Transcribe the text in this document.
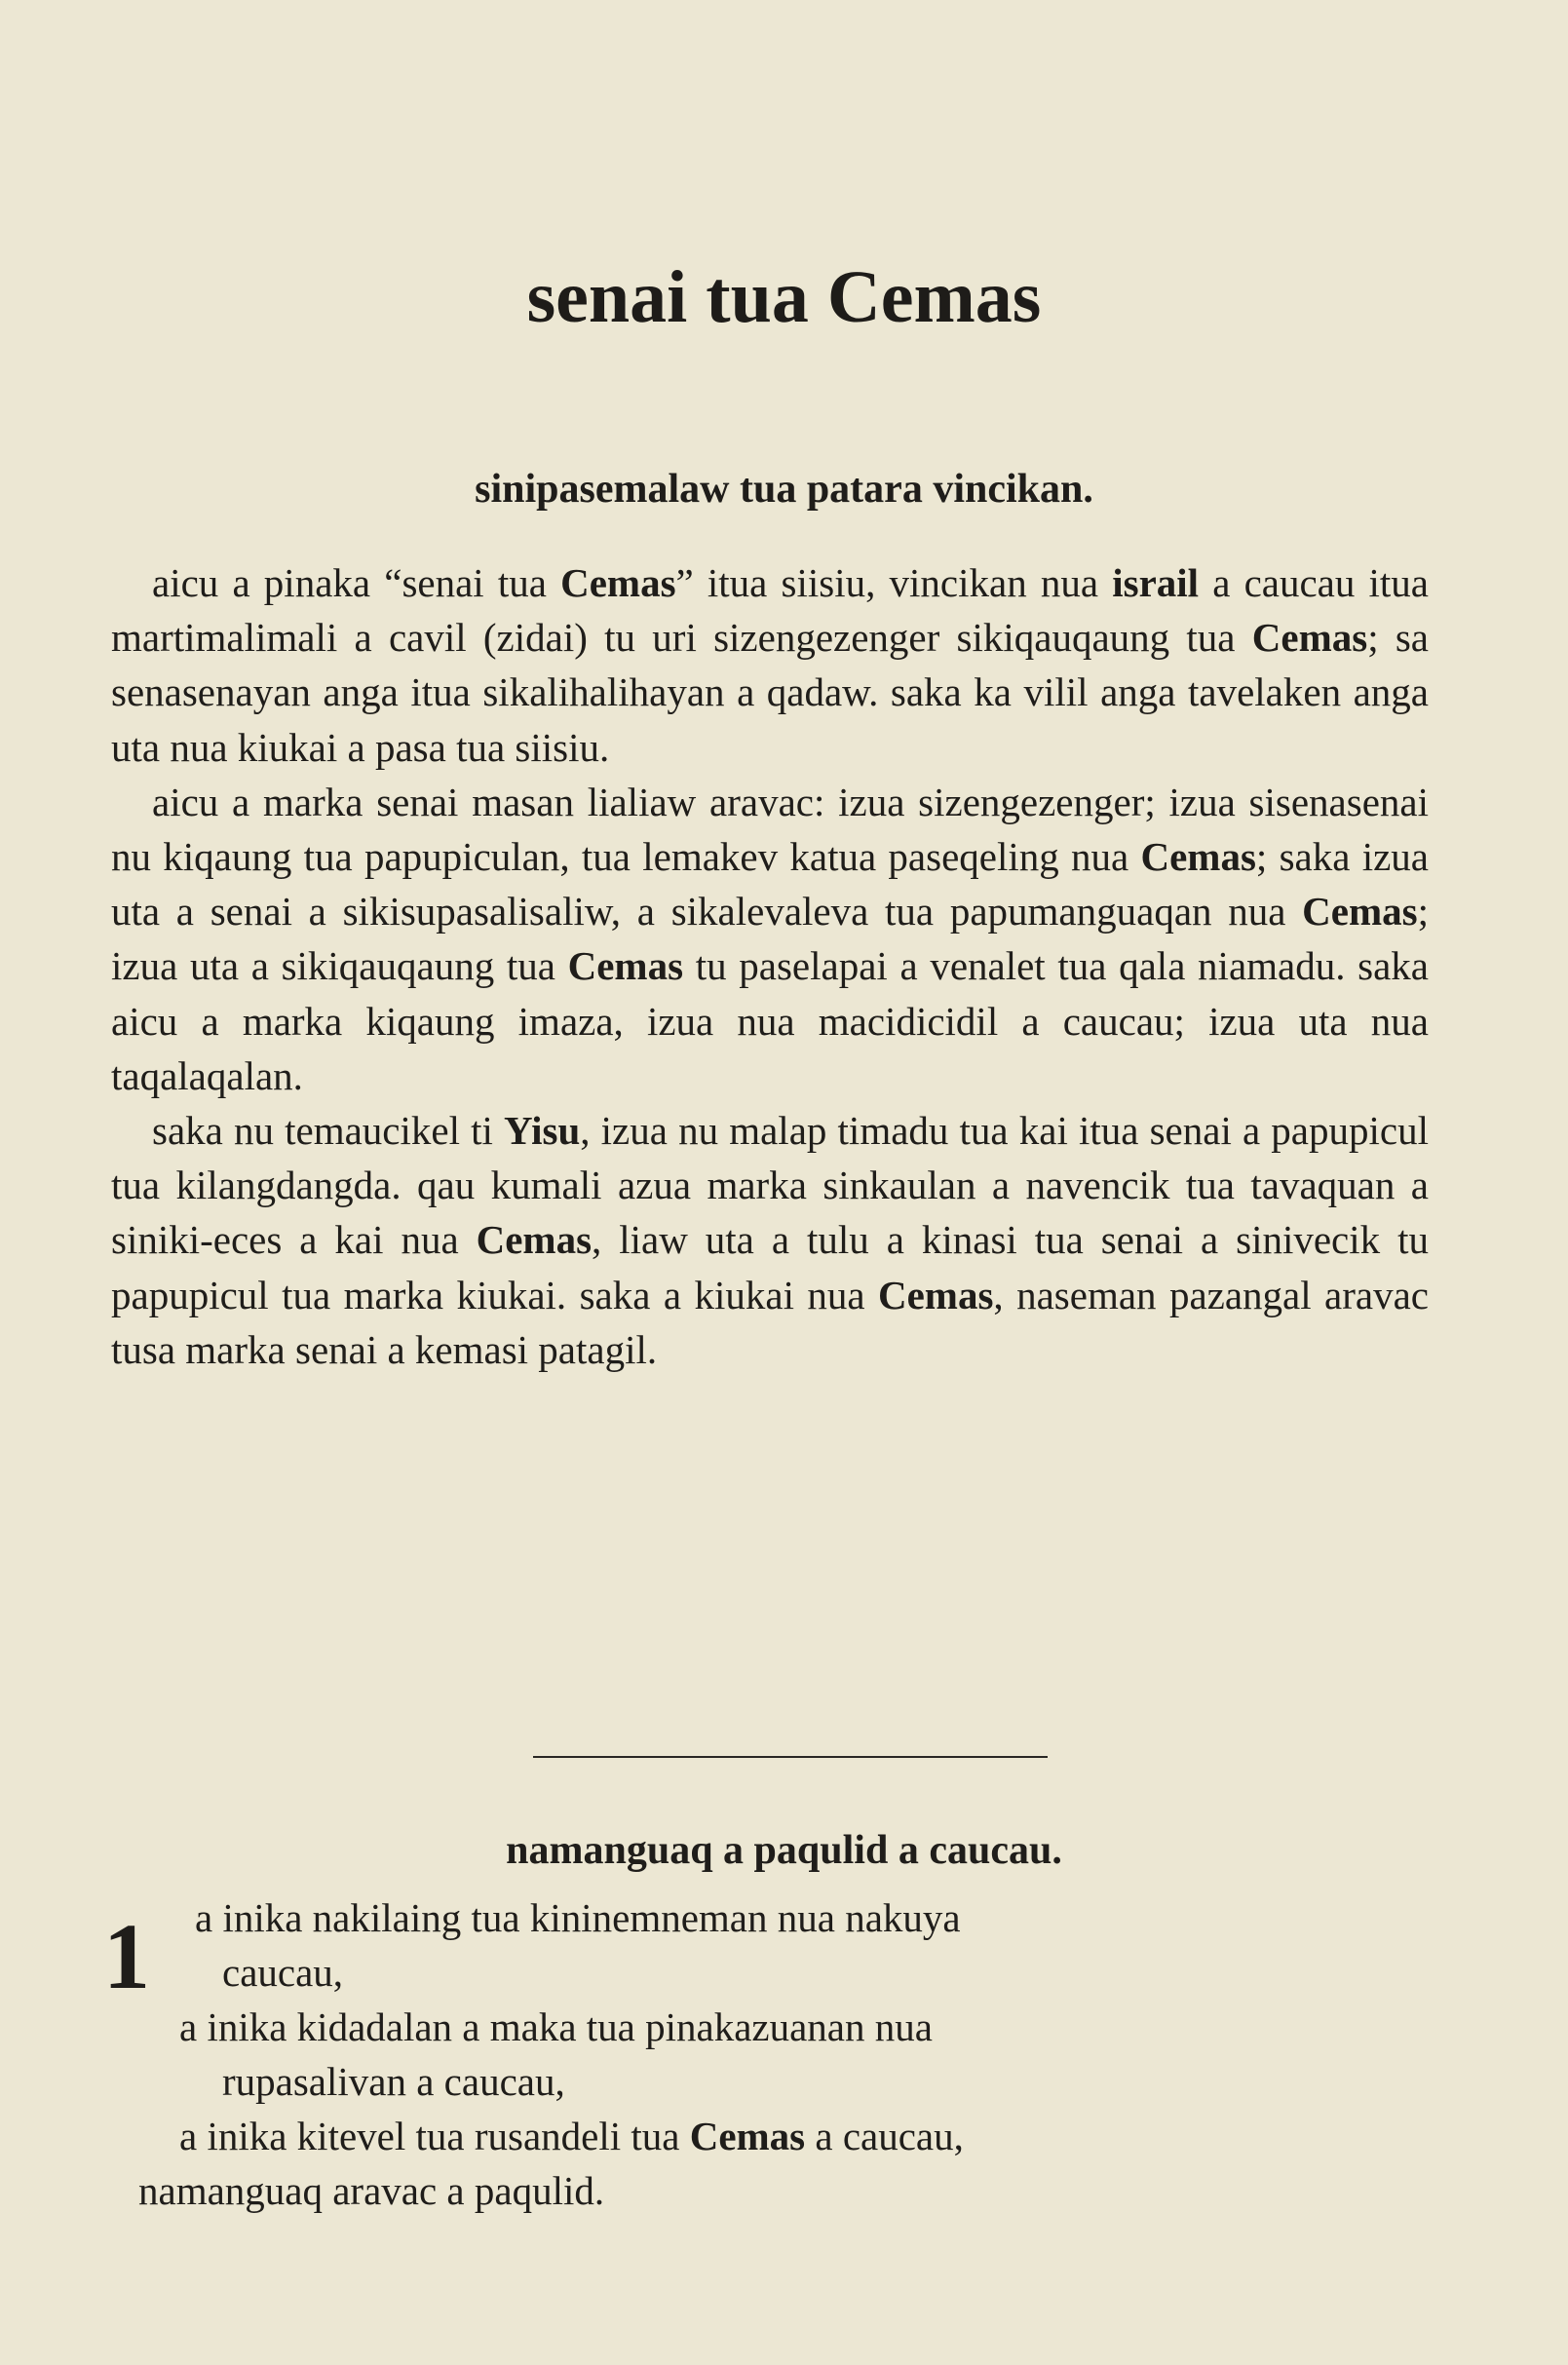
senai tua Cemas

sinipasemalaw tua patara vincikan.

aicu a pinaka “senai tua Cemas” itua siisiu, vincikan nua israil a caucau itua martimalimali a cavil (zidai) tu uri sizengezenger sikiqauqaung tua Cemas; sa senasenayan anga itua sikalihalihayan a qadaw. saka ka vilil anga tavelaken anga uta nua kiukai a pasa tua siisiu.

aicu a marka senai masan lialiaw aravac: izua sizengezenger; izua sisenasenai nu kiqaung tua papupiculan, tua lemakev katua paseqeling nua Cemas; saka izua uta a senai a sikisupasalisaliw, a sikalevaleva tua papumanguaqan nua Cemas; izua uta a sikiqauqaung tua Cemas tu paselapai a venalet tua qala niamadu. saka aicu a marka kiqaung imaza, izua nua macidicidil a caucau; izua uta nua taqalaqalan.

saka nu temaucikel ti Yisu, izua nu malap timadu tua kai itua senai a papupicul tua kilangdangda. qau kumali azua marka sinkaulan a navencik tua tavaquan a siniki-eces a kai nua Cemas, liaw uta a tulu a kinasi tua senai a sinivecik tu papupicul tua marka kiukai. saka a kiukai nua Cemas, naseman pazangal aravac tusa marka senai a kemasi patagil.

namanguaq a paqulid a caucau.

1 a inika nakilaing tua kininemneman nua nakuya
caucau,
a inika kidadalan a maka tua pinakazuanan nua
rupasalivan a caucau,
a inika kitevel tua rusandeli tua Cemas a caucau,
namanguaq aravac a paqulid.
